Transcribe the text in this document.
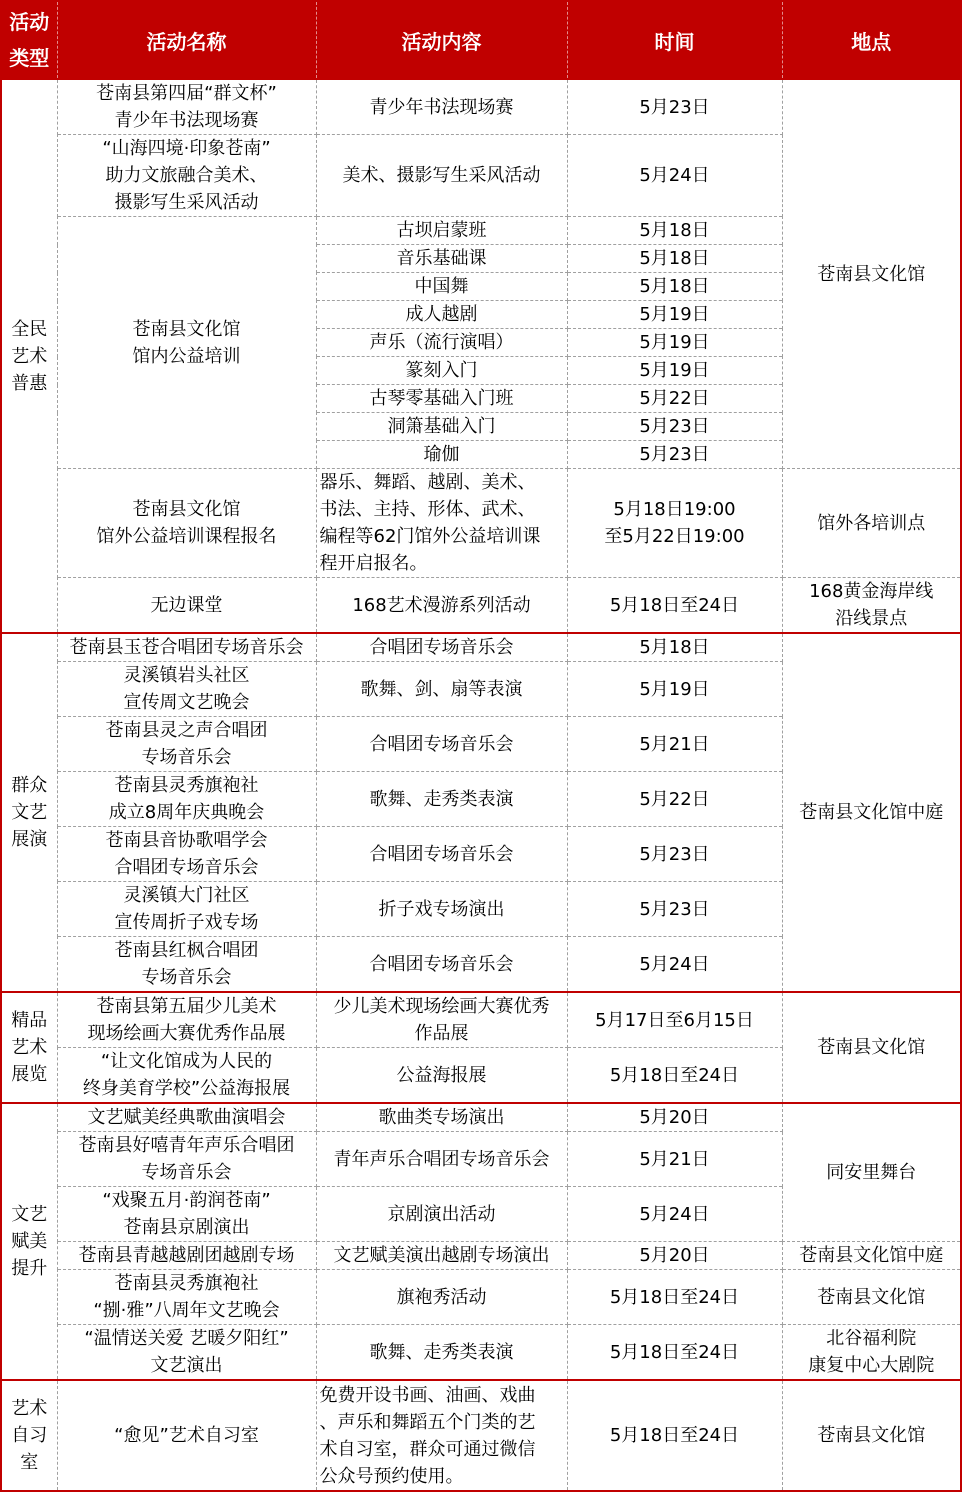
活动
类型	活动名称	活动内容	时间	地点

全民
艺术
普惠	苍南县第四届“群文杯”
青少年书法现场赛	青少年书法现场赛	5月23日	苍南县文化馆

	“山海四境·印象苍南”
助力文旅融合美术、
摄影写生采风活动	美术、摄影写生采风活动	5月24日	

	苍南县文化馆
馆内公益培训	古坝启蒙班	5月18日	

		音乐基础课	5月18日	

		中国舞	5月18日	

		成人越剧	5月19日	

		声乐（流行演唱）	5月19日	

		篆刻入门	5月19日	

		古琴零基础入门班	5月22日	

		洞箫基础入门	5月23日	

		瑜伽	5月23日	

	苍南县文化馆
馆外公益培训课程报名	器乐、舞蹈、越剧、美术、
书法、主持、形体、武术、
编程等62门馆外公益培训课
程开启报名。	5月18日19:00
至5月22日19:00	馆外各培训点

	无边课堂	168艺术漫游系列活动	5月18日至24日	168黄金海岸线
沿线景点

群众
文艺
展演	苍南县玉苍合唱团专场音乐会	合唱团专场音乐会	5月18日	苍南县文化馆中庭

	灵溪镇岩头社区
宣传周文艺晚会	歌舞、剑、扇等表演	5月19日	

	苍南县灵之声合唱团
专场音乐会	合唱团专场音乐会	5月21日	

	苍南县灵秀旗袍社
成立8周年庆典晚会	歌舞、走秀类表演	5月22日	

	苍南县音协歌唱学会
合唱团专场音乐会	合唱团专场音乐会	5月23日	

	灵溪镇大门社区
宣传周折子戏专场	折子戏专场演出	5月23日	

	苍南县红枫合唱团
专场音乐会	合唱团专场音乐会	5月24日	

精品
艺术
展览	苍南县第五届少儿美术
现场绘画大赛优秀作品展	少儿美术现场绘画大赛优秀
作品展	5月17日至6月15日	苍南县文化馆

	“让文化馆成为人民的
终身美育学校”公益海报展	公益海报展	5月18日至24日	

文艺
赋美
提升	文艺赋美经典歌曲演唱会	歌曲类专场演出	5月20日	同安里舞台

	苍南县好嘻青年声乐合唱团
专场音乐会	青年声乐合唱团专场音乐会	5月21日	

	“戏聚五月·韵润苍南”
苍南县京剧演出	京剧演出活动	5月24日	

	苍南县青越越剧团越剧专场	文艺赋美演出越剧专场演出	5月20日	苍南县文化馆中庭

	苍南县灵秀旗袍社
“捌·雅”八周年文艺晚会	旗袍秀活动	5月18日至24日	苍南县文化馆

	“温情送关爱 艺暖夕阳红”
文艺演出	歌舞、走秀类表演	5月18日至24日	北谷福利院
康复中心大剧院

艺术
自习
室	“愈见”艺术自习室	免费开设书画、油画、戏曲
、声乐和舞蹈五个门类的艺
术自习室，群众可通过微信
公众号预约使用。	5月18日至24日	苍南县文化馆
